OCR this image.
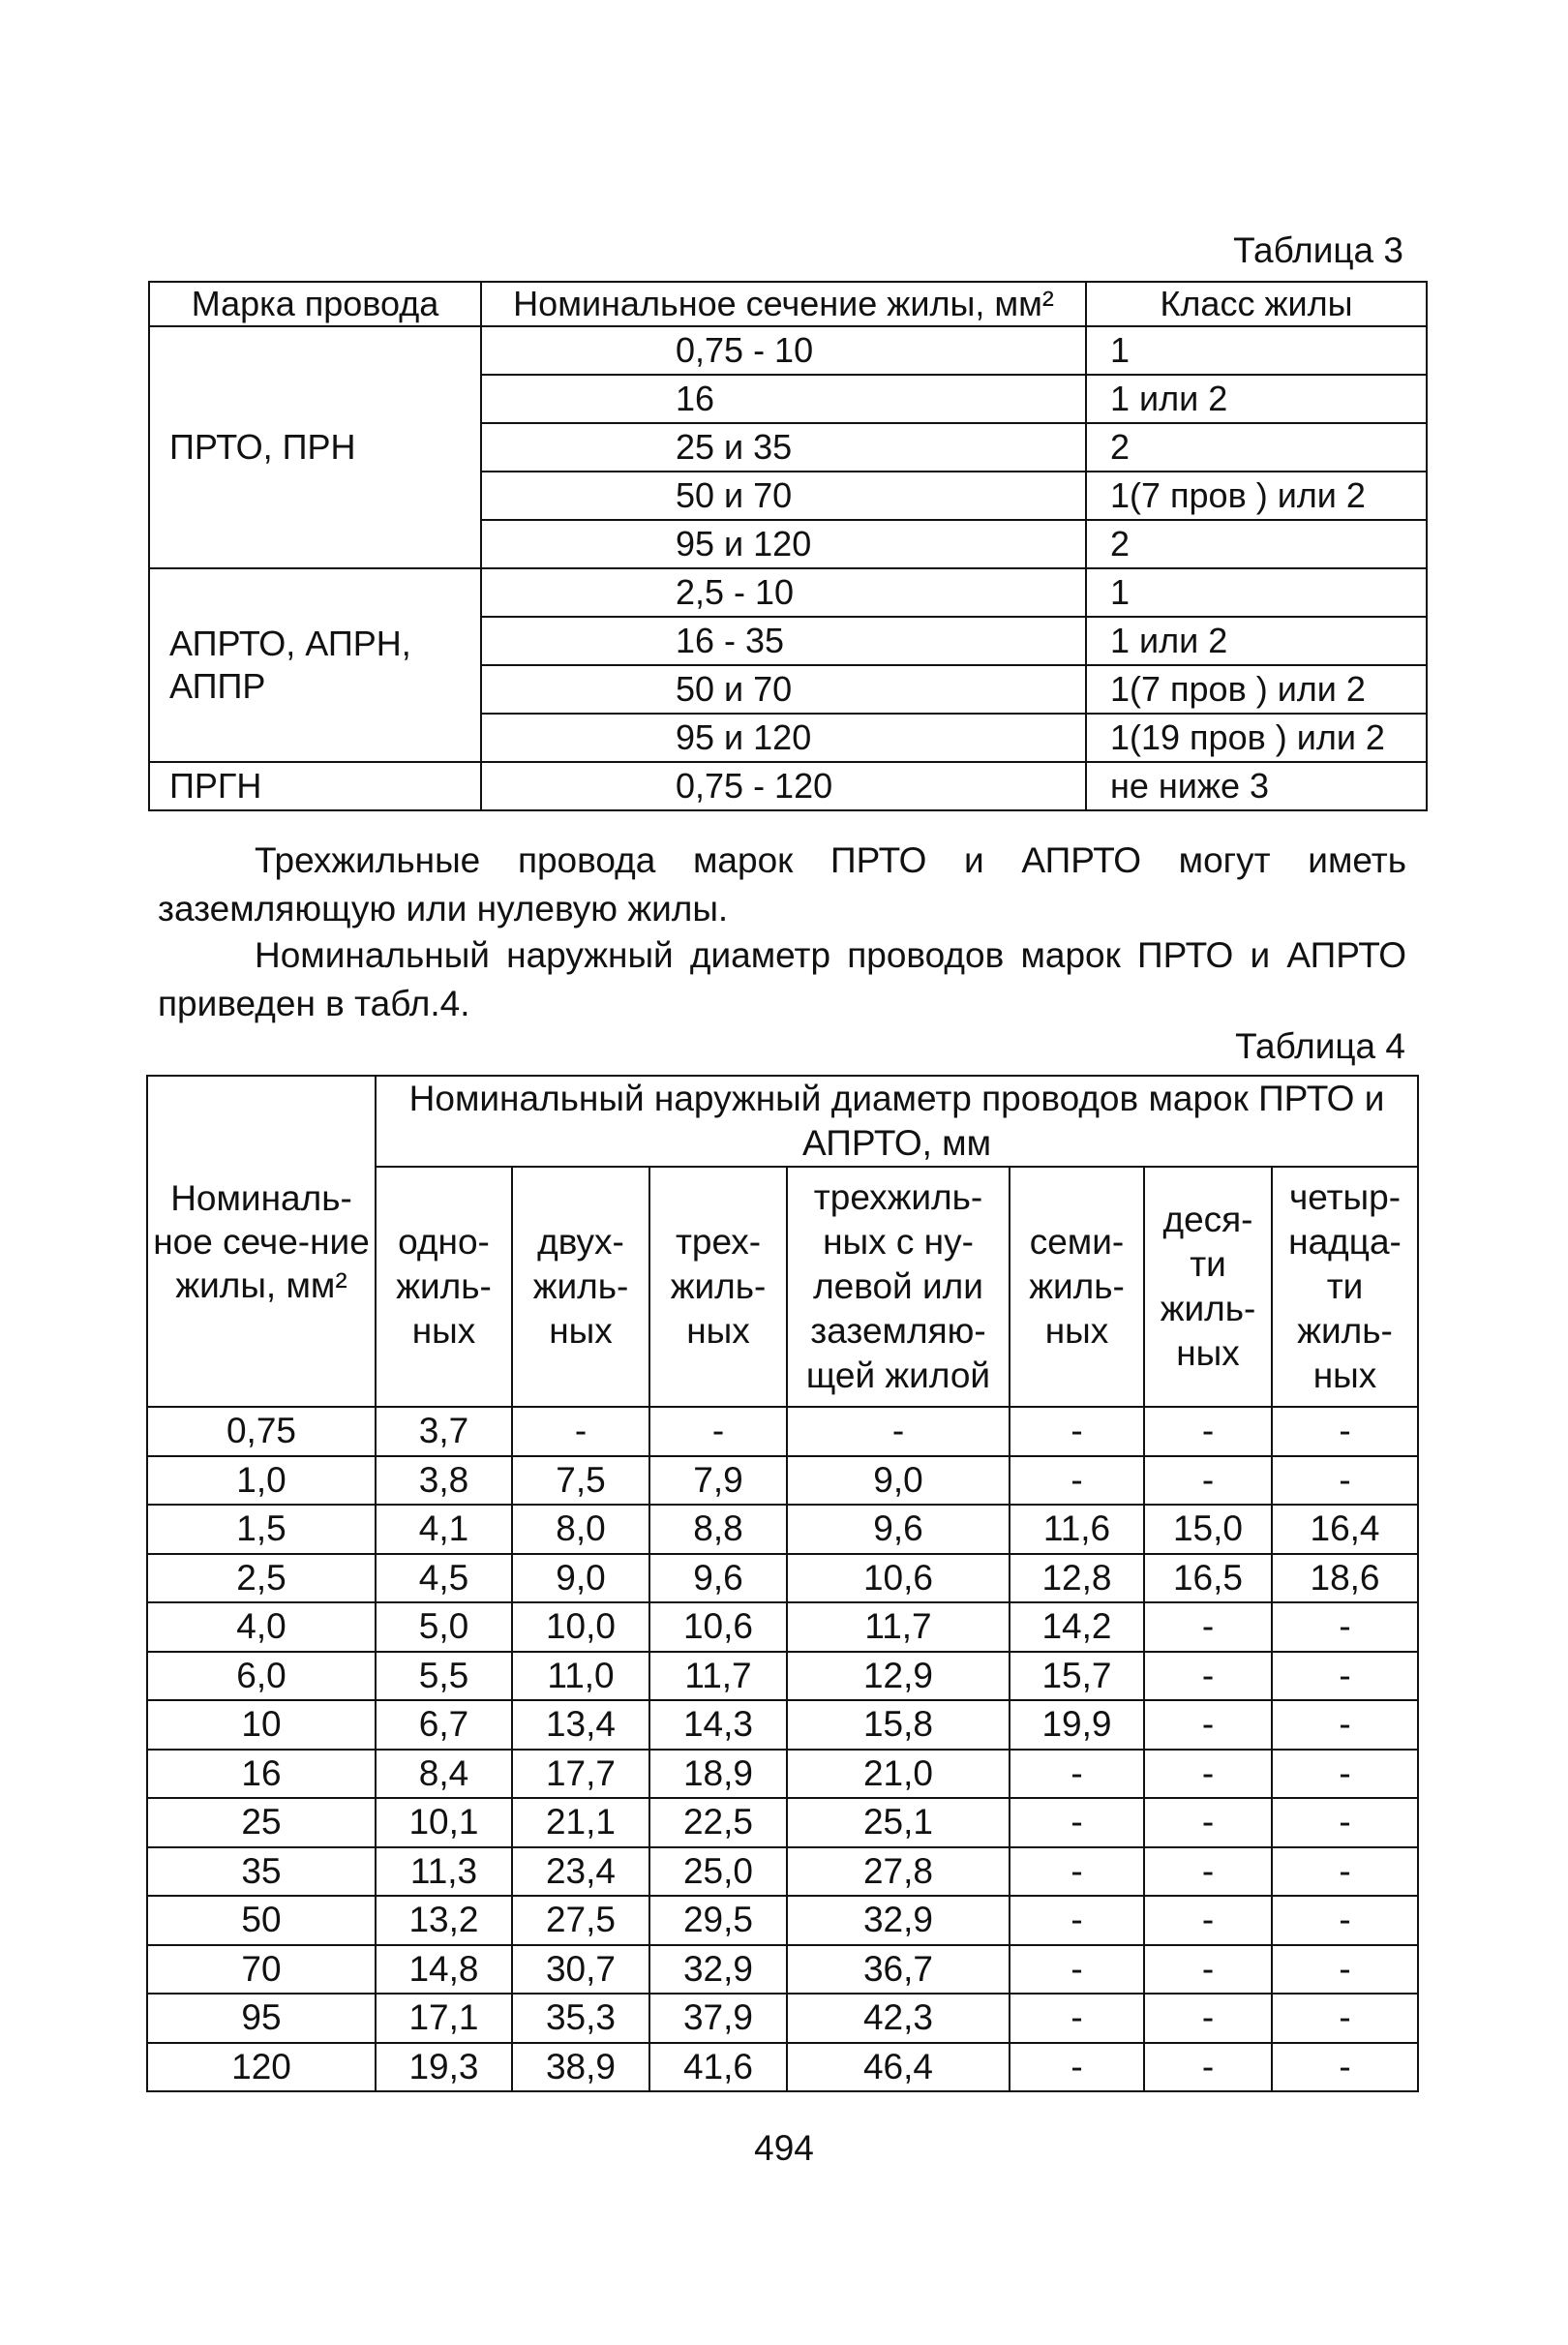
Таблица 3
Марка провода	Номинальное сечение жилы, мм²	Класс жилы
ПРТО, ПРН	0,75 - 10	1
	16	1 или 2
	25 и 35	2
	50 и 70	1(7 пров ) или 2
	95 и 120	2
АПРТО, АПРН, АППР	2,5 - 10	1
	16 - 35	1 или 2
	50 и 70	1(7 пров ) или 2
	95 и 120	1(19 пров ) или 2
ПРГН	0,75 - 120	не ниже 3
Трехжильные провода марок ПРТО и АПРТО могут иметь заземляющую или нулевую жилы.
Номинальный наружный диаметр проводов марок ПРТО и АПРТО приведен в табл.4.
Таблица 4
Номиналь-ное сече-ние жилы, мм²	Номинальный наружный диаметр проводов марок ПРТО и АПРТО, мм						
	одно-жиль-ных	двух-жиль-ных	трех-жиль-ных	трехжиль-ных с ну-левой или заземляю-щей жилой	семи-жиль-ных	деся-ти жиль-ных	четыр-надца-ти жиль-ных
0,75	3,7	-	-	-	-	-	-
1,0	3,8	7,5	7,9	9,0	-	-	-
1,5	4,1	8,0	8,8	9,6	11,6	15,0	16,4
2,5	4,5	9,0	9,6	10,6	12,8	16,5	18,6
4,0	5,0	10,0	10,6	11,7	14,2	-	-
6,0	5,5	11,0	11,7	12,9	15,7	-	-
10	6,7	13,4	14,3	15,8	19,9	-	-
16	8,4	17,7	18,9	21,0	-	-	-
25	10,1	21,1	22,5	25,1	-	-	-
35	11,3	23,4	25,0	27,8	-	-	-
50	13,2	27,5	29,5	32,9	-	-	-
70	14,8	30,7	32,9	36,7	-	-	-
95	17,1	35,3	37,9	42,3	-	-	-
120	19,3	38,9	41,6	46,4	-	-	-
494
